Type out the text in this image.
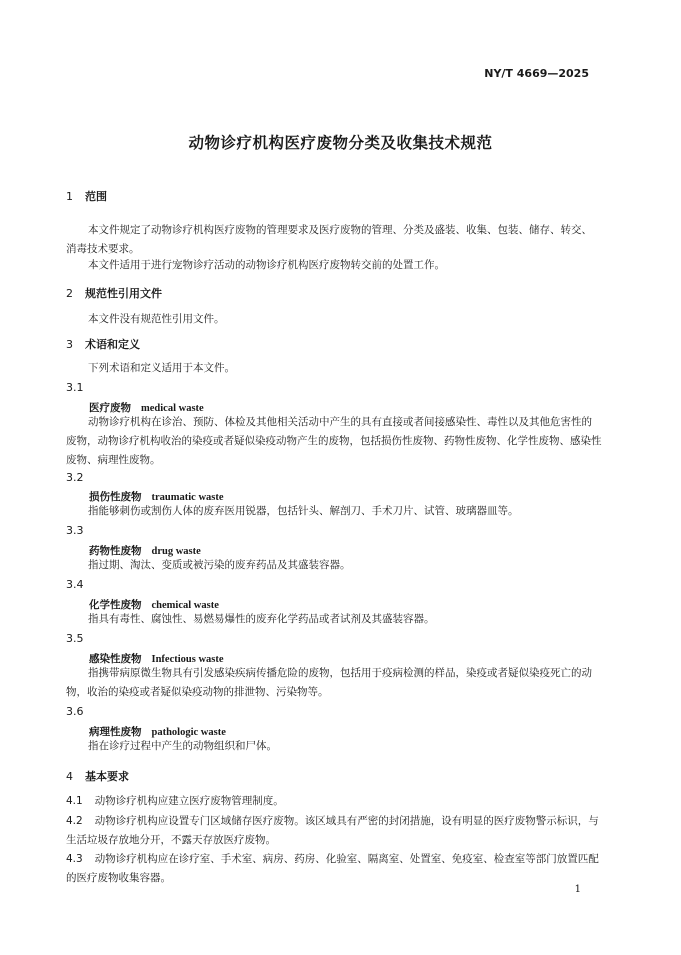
NY/T 4669—2025
动物诊疗机构医疗废物分类及收集技术规范
1 范围
本文件规定了动物诊疗机构医疗废物的管理要求及医疗废物的管理、分类及盛装、收集、包装、储存、转交、消毒技术要求。
本文件适用于进行宠物诊疗活动的动物诊疗机构医疗废物转交前的处置工作。
2 规范性引用文件
本文件没有规范性引用文件。
3 术语和定义
下列术语和定义适用于本文件。
3.1
医疗废物 medical waste
动物诊疗机构在诊治、预防、体检及其他相关活动中产生的具有直接或者间接感染性、毒性以及其他危害性的废物，动物诊疗机构收治的染疫或者疑似染疫动物产生的废物，包括损伤性废物、药物性废物、化学性废物、感染性废物、病理性废物。
3.2
损伤性废物 traumatic waste
指能够刺伤或割伤人体的废弃医用锐器，包括针头、解剖刀、手术刀片、试管、玻璃器皿等。
3.3
药物性废物 drug waste
指过期、淘汰、变质或被污染的废弃药品及其盛装容器。
3.4
化学性废物 chemical waste
指具有毒性、腐蚀性、易燃易爆性的废弃化学药品或者试剂及其盛装容器。
3.5
感染性废物 Infectious waste
指携带病原微生物具有引发感染疾病传播危险的废物，包括用于疫病检测的样品，染疫或者疑似染疫死亡的动物，收治的染疫或者疑似染疫动物的排泄物、污染物等。
3.6
病理性废物 pathologic waste
指在诊疗过程中产生的动物组织和尸体。
4 基本要求
4.1 动物诊疗机构应建立医疗废物管理制度。
4.2 动物诊疗机构应设置专门区域储存医疗废物。该区域具有严密的封闭措施，设有明显的医疗废物警示标识，与生活垃圾存放地分开，不露天存放医疗废物。
4.3 动物诊疗机构应在诊疗室、手术室、病房、药房、化验室、隔离室、处置室、免疫室、检查室等部门放置匹配的医疗废物收集容器。
1
